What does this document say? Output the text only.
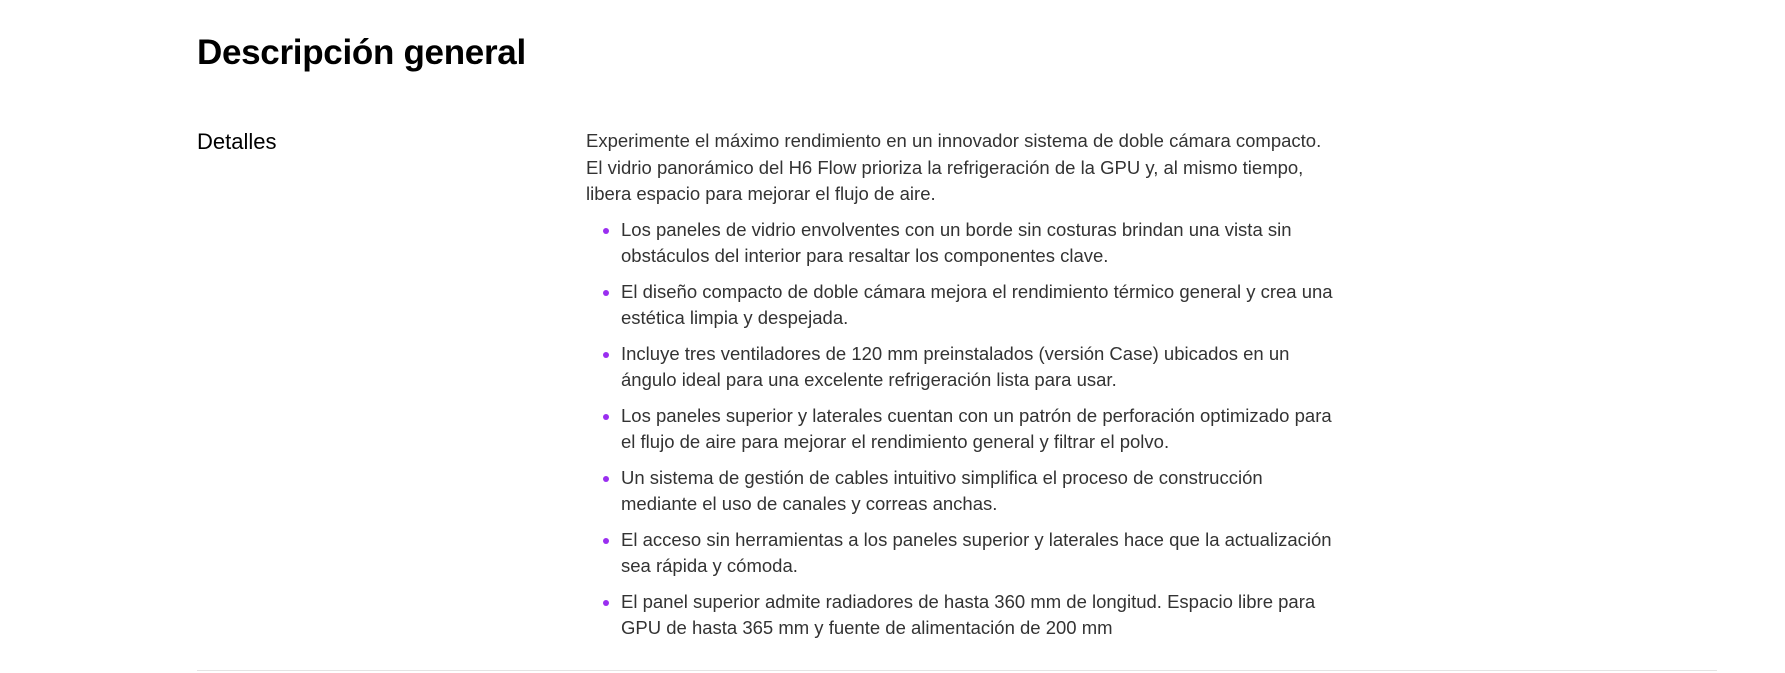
Descripción general
Detalles	Experimente el máximo rendimiento en un innovador sistema de doble cámara compacto.
El vidrio panorámico del H6 Flow prioriza la refrigeración de la GPU y, al mismo tiempo,
libera espacio para mejorar el flujo de aire.

Los paneles de vidrio envolventes con un borde sin costuras brindan una vista sin
obstáculos del interior para resaltar los componentes clave.
El diseño compacto de doble cámara mejora el rendimiento térmico general y crea una
estética limpia y despejada.
Incluye tres ventiladores de 120 mm preinstalados (versión Case) ubicados en un
ángulo ideal para una excelente refrigeración lista para usar.
Los paneles superior y laterales cuentan con un patrón de perforación optimizado para
el flujo de aire para mejorar el rendimiento general y filtrar el polvo.
Un sistema de gestión de cables intuitivo simplifica el proceso de construcción
mediante el uso de canales y correas anchas.
El acceso sin herramientas a los paneles superior y laterales hace que la actualización
sea rápida y cómoda.
El panel superior admite radiadores de hasta 360 mm de longitud. Espacio libre para
GPU de hasta 365 mm y fuente de alimentación de 200 mm
